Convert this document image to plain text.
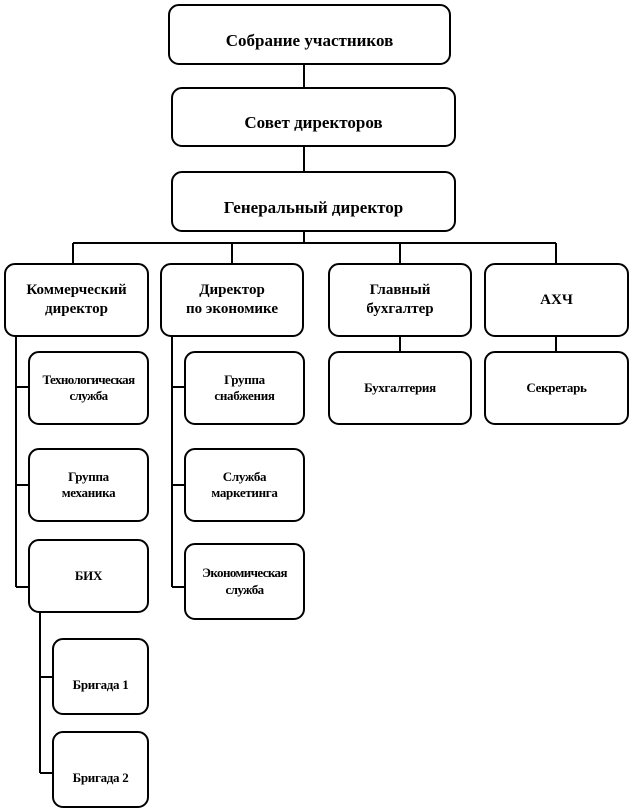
Собрание участников
Совет директоров
Генеральный директор
Коммерческий
директор
Директор
по экономике
Главный
бухгалтер
АХЧ
Технологическая
служба
Группа
механика
БИХ
Бригада 1
Бригада 2
Группа
снабжения
Служба
маркетинга
Экономическая
служба
Бухгалтерия	Секретарь
